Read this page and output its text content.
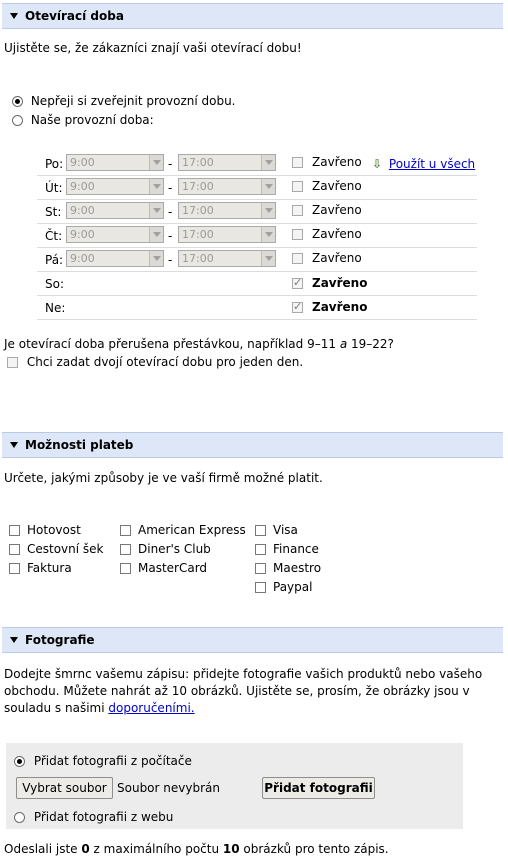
Otevírací doba
Ujistěte se, že zákazníci znají vaši otevírací dobu!
Nepřeji si zveřejnit provozní dobu.
Naše provozní doba:
Po: 9:00	- 17:00	Zavřeno ⇩ Použít u všech
Út: 9:00	- 17:00	Zavřeno
St: 9:00	- 17:00	Zavřeno
Čt: 9:00	- 17:00	Zavřeno
Pá: 9:00	- 17:00	Zavřeno
So: ✓	Zavřeno
Ne: ✓	Zavřeno
Je otevírací doba přerušena přestávkou, například 9–11 a 19–22?
Chci zadat dvojí otevírací dobu pro jeden den.
Možnosti plateb
Určete, jakými způsoby je ve vaší firmě možné platit.
Hotovost
Cestovní šek
Faktura
American Express
Diner's Club
MasterCard
Visa
Finance
Maestro
Paypal
Fotografie
Dodejte šmrnc vašemu zápisu: přidejte fotografie vašich produktů nebo vašeho
obchodu. Můžete nahrát až 10 obrázků. Ujistěte se, prosím, že obrázky jsou v
souladu s našimi doporučeními.
Přidat fotografii z počítače
Vybrat soubor Soubor nevybrán	Přidat fotografii
Přidat fotografii z webu
Odeslali jste 0 z maximálního počtu 10 obrázků pro tento zápis.
